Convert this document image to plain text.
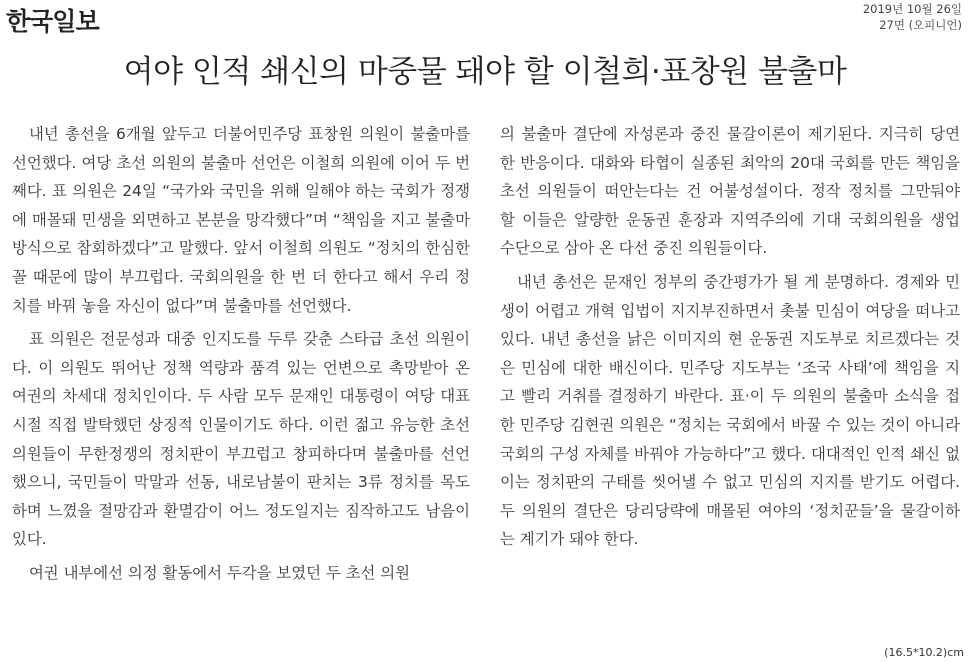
한국일보	2019년 10월 26일
27면 (오피니언)
여야 인적 쇄신의 마중물 돼야 할 이철희·표창원 불출마

내년 총선을 6개월 앞두고 더불어민주당 표창원 의원이 불출마를 선언했다. 여당 초선 의원의 불출마 선언은 이철희 의원에 이어 두 번째다. 표 의원은 24일 “국가와 국민을 위해 일해야 하는 국회가 정쟁에 매몰돼 민생을 외면하고 본분을 망각했다”며 “책임을 지고 불출마 방식으로 참회하겠다”고 말했다. 앞서 이철희 의원도 “정치의 한심한 꼴 때문에 많이 부끄럽다. 국회의원을 한 번 더 한다고 해서 우리 정치를 바꿔 놓을 자신이 없다”며 불출마를 선언했다.

표 의원은 전문성과 대중 인지도를 두루 갖춘 스타급 초선 의원이다. 이 의원도 뛰어난 정책 역량과 품격 있는 언변으로 촉망받아 온 여권의 차세대 정치인이다. 두 사람 모두 문재인 대통령이 여당 대표 시절 직접 발탁했던 상징적 인물이기도 하다. 이런 젊고 유능한 초선 의원들이 무한정쟁의 정치판이 부끄럽고 창피하다며 불출마를 선언했으니, 국민들이 막말과 선동, 내로남불이 판치는 3류 정치를 목도하며 느꼈을 절망감과 환멸감이 어느 정도일지는 짐작하고도 남음이 있다.

여권 내부에선 의정 활동에서 두각을 보였던 두 초선 의원

의 불출마 결단에 자성론과 중진 물갈이론이 제기된다. 지극히 당연한 반응이다. 대화와 타협이 실종된 최악의 20대 국회를 만든 책임을 초선 의원들이 떠안는다는 건 어불성설이다. 정작 정치를 그만둬야 할 이들은 알량한 운동권 훈장과 지역주의에 기대 국회의원을 생업 수단으로 삼아 온 다선 중진 의원들이다.

내년 총선은 문재인 정부의 중간평가가 될 게 분명하다. 경제와 민생이 어렵고 개혁 입법이 지지부진하면서 촛불 민심이 여당을 떠나고 있다. 내년 총선을 낡은 이미지의 현 운동권 지도부로 치르겠다는 것은 민심에 대한 배신이다. 민주당 지도부는 ‘조국 사태’에 책임을 지고 빨리 거취를 결정하기 바란다. 표·이 두 의원의 불출마 소식을 접한 민주당 김현권 의원은 “정치는 국회에서 바꿀 수 있는 것이 아니라 국회의 구성 자체를 바꿔야 가능하다”고 했다. 대대적인 인적 쇄신 없이는 정치판의 구태를 씻어낼 수 없고 민심의 지지를 받기도 어렵다. 두 의원의 결단은 당리당략에 매몰된 여야의 ‘정치꾼들’을 물갈이하는 계기가 돼야 한다.

(16.5*10.2)cm
